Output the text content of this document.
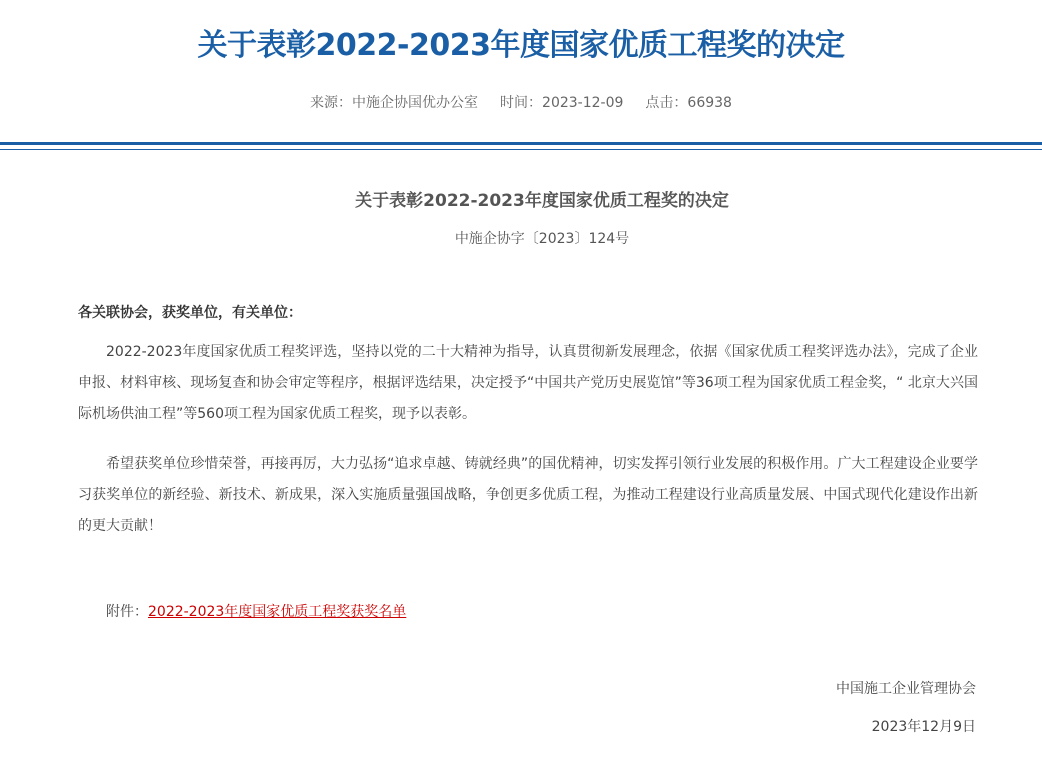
关于表彰2022-2023年度国家优质工程奖的决定
来源：中施企协国优办公室 时间：2023-12-09 点击：66938
关于表彰2022-2023年度国家优质工程奖的决定
中施企协字〔2023〕124号
各关联协会，获奖单位，有关单位：

2022-2023年度国家优质工程奖评选，坚持以党的二十大精神为指导，认真贯彻新发展理念，依据《国家优质工程奖评选办法》，完成了企业申报、材料审核、现场复查和协会审定等程序，根据评选结果，决定授予“中国共产党历史展览馆”等36项工程为国家优质工程金奖，“ 北京大兴国际机场供油工程”等560项工程为国家优质工程奖，现予以表彰。

希望获奖单位珍惜荣誉，再接再厉，大力弘扬“追求卓越、铸就经典”的国优精神，切实发挥引领行业发展的积极作用。广大工程建设企业要学习获奖单位的新经验、新技术、新成果，深入实施质量强国战略，争创更多优质工程，为推动工程建设行业高质量发展、中国式现代化建设作出新的更大贡献！

附件：2022-2023年度国家优质工程奖获奖名单
中国施工企业管理协会
2023年12月9日
